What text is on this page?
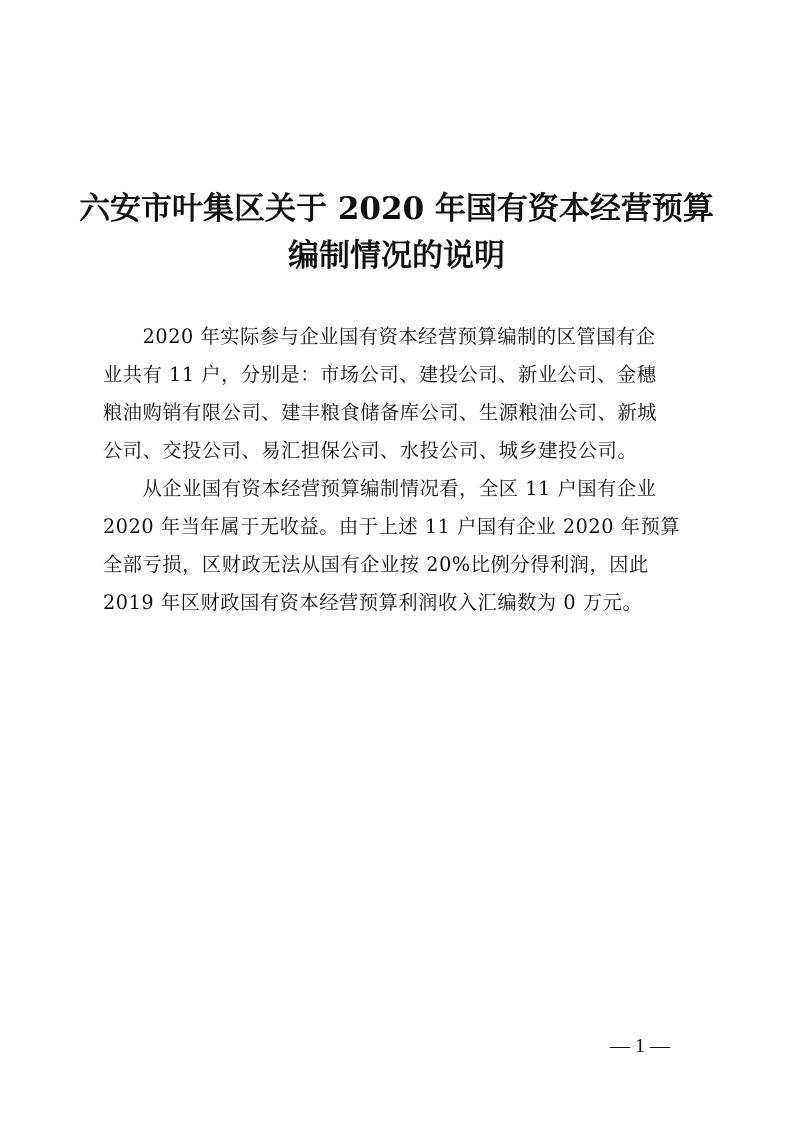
六安市叶集区关于 2020 年国有资本经营预算
编制情况的说明
　　2020 年实际参与企业国有资本经营预算编制的区管国有企
业共有 11 户，分别是：市场公司、建投公司、新业公司、金穗
粮油购销有限公司、建丰粮食储备库公司、生源粮油公司、新城
公司、交投公司、易汇担保公司、水投公司、城乡建投公司。
　　从企业国有资本经营预算编制情况看，全区 11 户国有企业
2020 年当年属于无收益。由于上述 11 户国有企业 2020 年预算
全部亏损，区财政无法从国有企业按 20%比例分得利润，因此
2019 年区财政国有资本经营预算利润收入汇编数为 0 万元。
— 1 —
